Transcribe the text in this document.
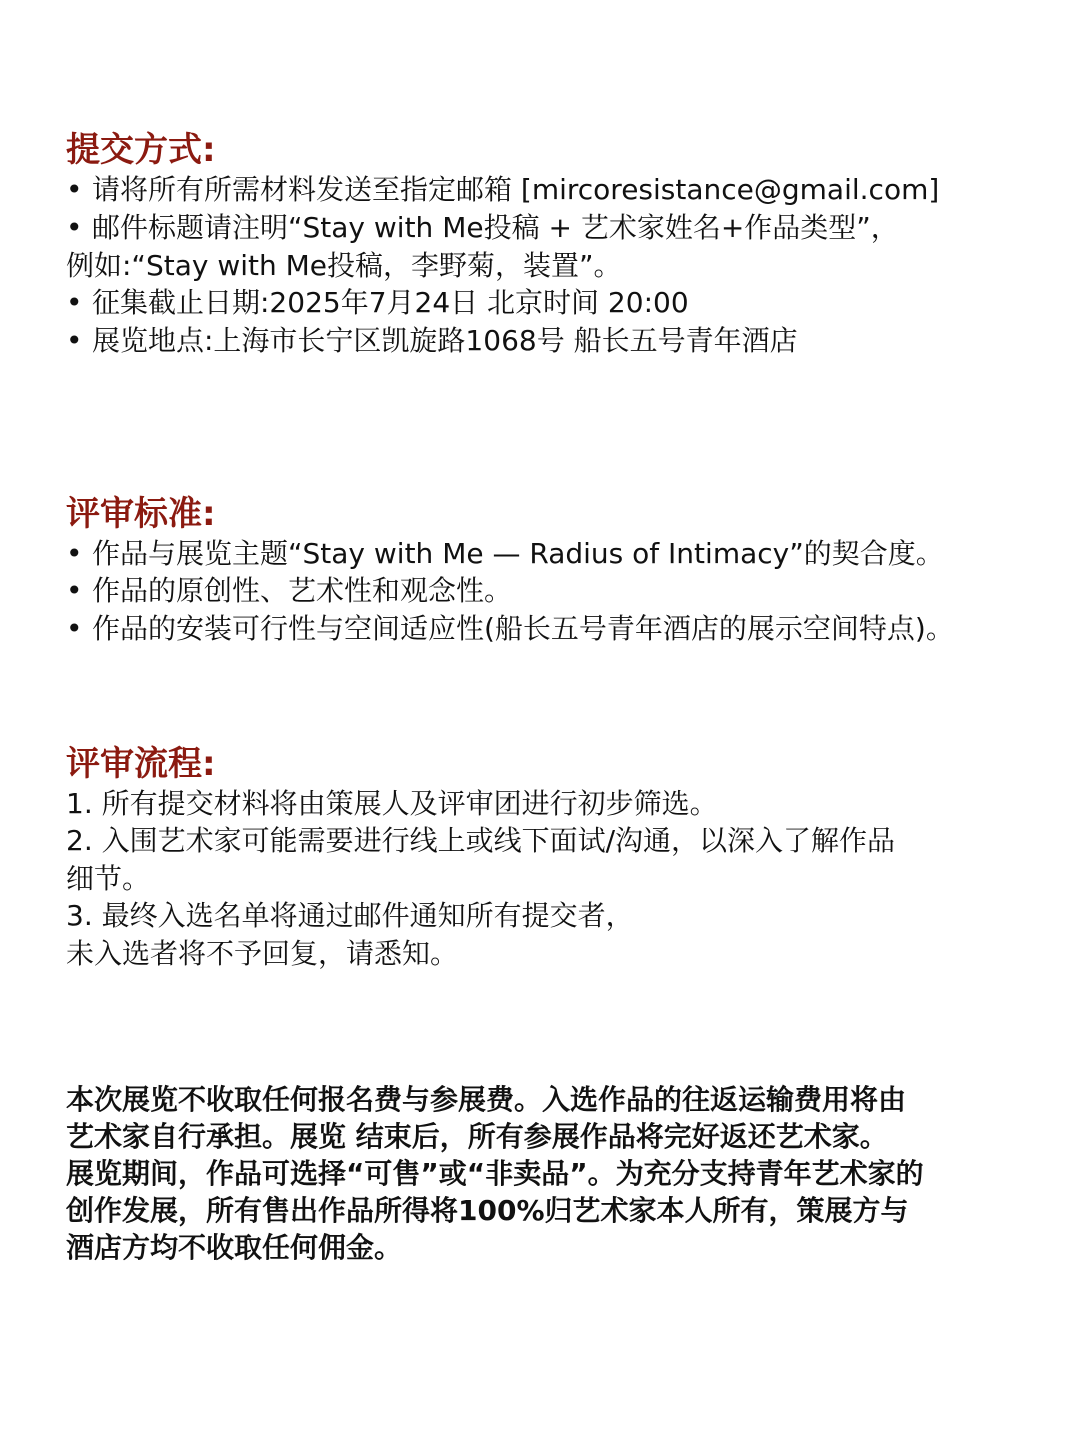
提交方式:
• 请将所有所需材料发送至指定邮箱 [mircoresistance@gmail.com]
• 邮件标题请注明“Stay with Me投稿 + 艺术家姓名+作品类型”，
例如:“Stay with Me投稿，李野菊，装置”。
• 征集截止日期:2025年7月24日 北京时间 20:00
• 展览地点:上海市长宁区凯旋路1068号 船长五号青年酒店
评审标准:
• 作品与展览主题“Stay with Me — Radius of Intimacy”的契合度。
• 作品的原创性、艺术性和观念性。
• 作品的安装可行性与空间适应性(船长五号青年酒店的展示空间特点)。
评审流程:
1. 所有提交材料将由策展人及评审团进行初步筛选。
2. 入围艺术家可能需要进行线上或线下面试/沟通，以深入了解作品
细节。
3. 最终入选名单将通过邮件通知所有提交者，
未入选者将不予回复，请悉知。
本次展览不收取任何报名费与参展费。入选作品的往返运输费用将由
艺术家自行承担。展览 结束后，所有参展作品将完好返还艺术家。
展览期间，作品可选择“可售”或“非卖品”。为充分支持青年艺术家的
创作发展，所有售出作品所得将100%归艺术家本人所有，策展方与
酒店方均不收取任何佣金。
